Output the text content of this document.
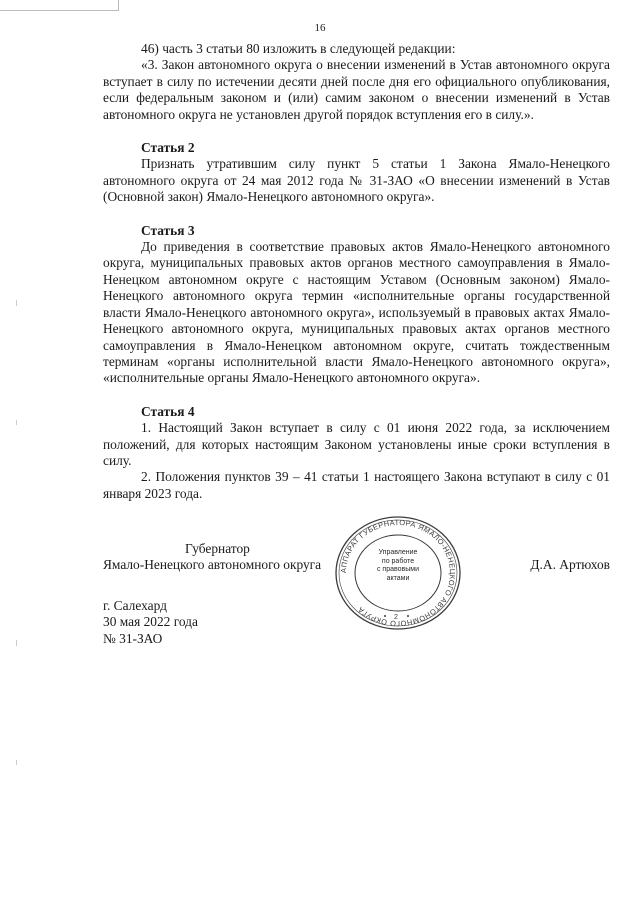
16

46) часть 3 статьи 80 изложить в следующей редакции:

«3. Закон автономного округа о внесении изменений в Устав автономного округа вступает в силу по истечении десяти дней после дня его официального опубликования, если федеральным законом и (или) самим законом о внесении изменений в Устав автономного округа не установлен другой порядок вступления его в силу.».

Статья 2

Признать утратившим силу пункт 5 статьи 1 Закона Ямало-Ненецкого автономного округа от 24 мая 2012 года № 31-ЗАО «О внесении изменений в Устав (Основной закон) Ямало-Ненецкого автономного округа».

Статья 3

До приведения в соответствие правовых актов Ямало-Ненецкого автономного округа, муниципальных правовых актов органов местного самоуправления в Ямало-Ненецком автономном округе с настоящим Уставом (Основным законом) Ямало-Ненецкого автономного округа термин «исполнительные органы государственной власти Ямало-Ненецкого автономного округа», используемый в правовых актах Ямало-Ненецкого автономного округа, муниципальных правовых актах органов местного самоуправления в Ямало-Ненецком автономном округе, считать тождественным терминам «органы исполнительной власти Ямало-Ненецкого автономного округа», «исполнительные органы Ямало-Ненецкого автономного округа».

Статья 4

1. Настоящий Закон вступает в силу с 01 июня 2022 года, за исключением положений, для которых настоящим Законом установлены иные сроки вступления в силу.

2. Положения пунктов 39 – 41 статьи 1 настоящего Закона вступают в силу с 01 января 2023 года.

Губернатор
Ямало-Ненецкого автономного округа	Д.А. Артюхов
АППАРАТ ГУБЕРНАТОРА ЯМАЛО-НЕНЕЦКОГО АВТОНОМНОГО ОКРУГА
2
Управление
по работе
с правовыми
актами
г. Салехард
30 мая 2022 года
№ 31-ЗАО
